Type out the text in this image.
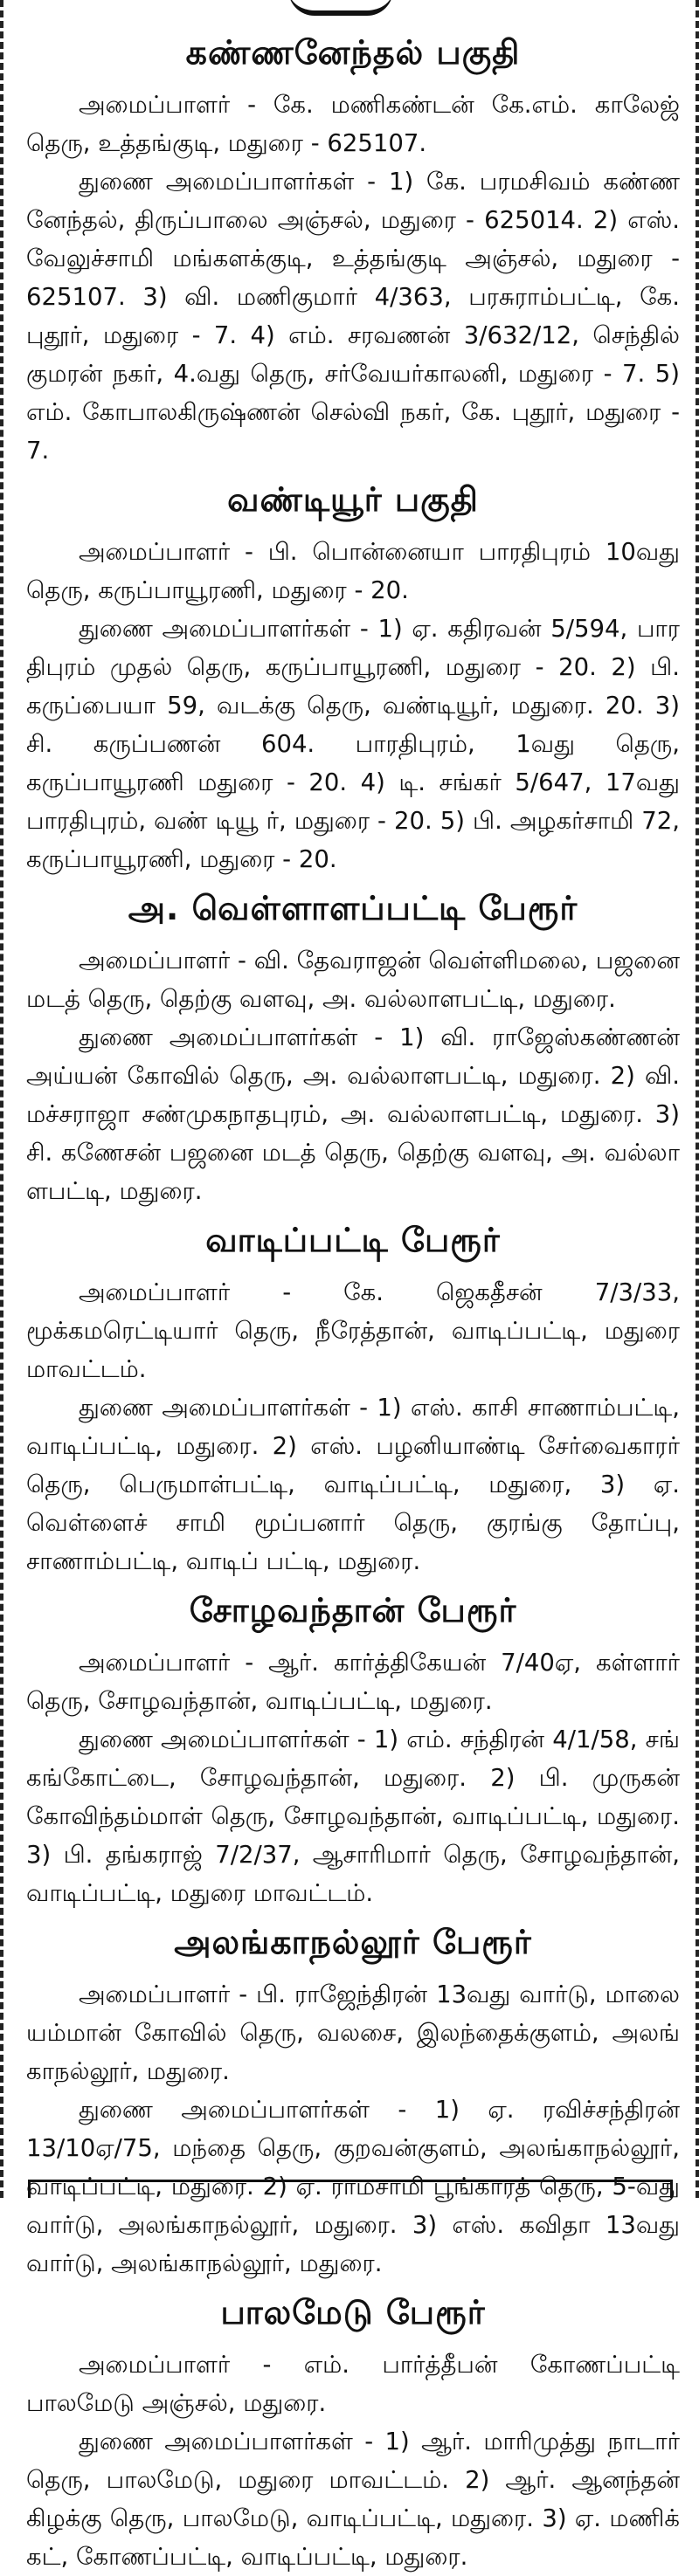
கண்ணனேந்தல் பகுதி

அமைப்பாளர் - கே. மணிகண்டன் கே.எம். காலேஜ் தெரு, உத்தங்குடி, மதுரை - 625107.

துணை அமைப்பாளர்கள் - 1) கே. பரமசிவம் கண்ண னேந்தல், திருப்பாலை அஞ்சல், மதுரை - 625014. 2) எஸ். வேலுச்சாமி மங்களக்குடி, உத்தங்குடி அஞ்சல், மதுரை - 625107. 3) வி. மணிகுமார் 4/363, பரசுராம்பட்டி, கே. புதூர், மதுரை - 7. 4) எம். சரவணன் 3/632/12, செந்தில் குமரன் நகர், 4.வது தெரு, சர்வேயர்காலனி, மதுரை - 7. 5) எம். கோபாலகிருஷ்ணன் செல்வி நகர், கே. புதூர், மதுரை - 7.

வண்டியூர் பகுதி

அமைப்பாளர் - பி. பொன்னையா பாரதிபுரம் 10வது தெரு, கருப்பாயூரணி, மதுரை - 20.

துணை அமைப்பாளர்கள் - 1) ஏ. கதிரவன் 5/594, பார திபுரம் முதல் தெரு, கருப்பாயூரணி, மதுரை - 20. 2) பி. கருப்பையா 59, வடக்கு தெரு, வண்டியூர், மதுரை. 20. 3) சி. கருப்பணன் 604. பாரதிபுரம், 1வது தெரு, கருப்பாயூரணி மதுரை - 20. 4) டி. சங்கர் 5/647, 17வது பாரதிபுரம், வண் டியூ ர், மதுரை - 20. 5) பி. அழகர்சாமி 72, கருப்பாயூரணி, மதுரை - 20.

அ. வெள்ளாளப்பட்டி பேரூர்

அமைப்பாளர் - வி. தேவராஜன் வெள்ளிமலை, பஜனை மடத் தெரு, தெற்கு வளவு, அ. வல்லாளபட்டி, மதுரை.

துணை அமைப்பாளர்கள் - 1) வி. ராஜேஸ்கண்ணன் அய்யன் கோவில் தெரு, அ. வல்லாளபட்டி, மதுரை. 2) வி. மச்சராஜா சண்முகநாதபுரம், அ. வல்லாளபட்டி, மதுரை. 3) சி. கணேசன் பஜனை மடத் தெரு, தெற்கு வளவு, அ. வல்லா ளபட்டி, மதுரை.

வாடிப்பட்டி பேரூர்

அமைப்பாளர் - கே. ஜெகதீசன் 7/3/33, மூக்கமரெட்டியார் தெரு, நீரேத்தான், வாடிப்பட்டி, மதுரை மாவட்டம்.

துணை அமைப்பாளர்கள் - 1) எஸ். காசி சாணாம்பட்டி, வாடிப்பட்டி, மதுரை. 2) எஸ். பழனியாண்டி சேர்வைகாரர் தெரு, பெருமாள்பட்டி, வாடிப்பட்டி, மதுரை, 3) ஏ. வெள்ளைச் சாமி மூப்பனார் தெரு, குரங்கு தோப்பு, சாணாம்பட்டி, வாடிப் பட்டி, மதுரை.

சோழவந்தான் பேரூர்

அமைப்பாளர் - ஆர். கார்த்திகேயன் 7/40ஏ, கள்ளார் தெரு, சோழவந்தான், வாடிப்பட்டி, மதுரை.

துணை அமைப்பாளர்கள் - 1) எம். சந்திரன் 4/1/58, சங் கங்கோட்டை, சோழவந்தான், மதுரை. 2) பி. முருகன் கோவிந்தம்மாள் தெரு, சோழவந்தான், வாடிப்பட்டி, மதுரை. 3) பி. தங்கராஜ் 7/2/37, ஆசாரிமார் தெரு, சோழவந்தான், வாடிப்பட்டி, மதுரை மாவட்டம்.

அலங்காநல்லூர் பேரூர்

அமைப்பாளர் - பி. ராஜேந்திரன் 13வது வார்டு, மாலை யம்மான் கோவில் தெரு, வலசை, இலந்தைக்குளம், அலங் காநல்லூர், மதுரை.

துணை அமைப்பாளர்கள் - 1) ஏ. ரவிச்சந்திரன் 13/10ஏ/75, மந்தை தெரு, குறவன்குளம், அலங்காநல்லூர், வாடிப்பட்டி, மதுரை. 2) ஏ. ராமசாமி பூங்காரத் தெரு, 5-வது வார்டு, அலங்காநல்லூர், மதுரை. 3) எஸ். கவிதா 13வது வார்டு, அலங்காநல்லூர், மதுரை.

பாலமேடு பேரூர்

அமைப்பாளர் - எம். பார்த்தீபன் கோணப்பட்டி பாலமேடு அஞ்சல், மதுரை.

துணை அமைப்பாளர்கள் - 1) ஆர். மாரிமுத்து நாடார் தெரு, பாலமேடு, மதுரை மாவட்டம். 2) ஆர். ஆனந்தன் கிழக்கு தெரு, பாலமேடு, வாடிப்பட்டி, மதுரை. 3) ஏ. மணிக் கட், கோணப்பட்டி, வாடிப்பட்டி, மதுரை.
